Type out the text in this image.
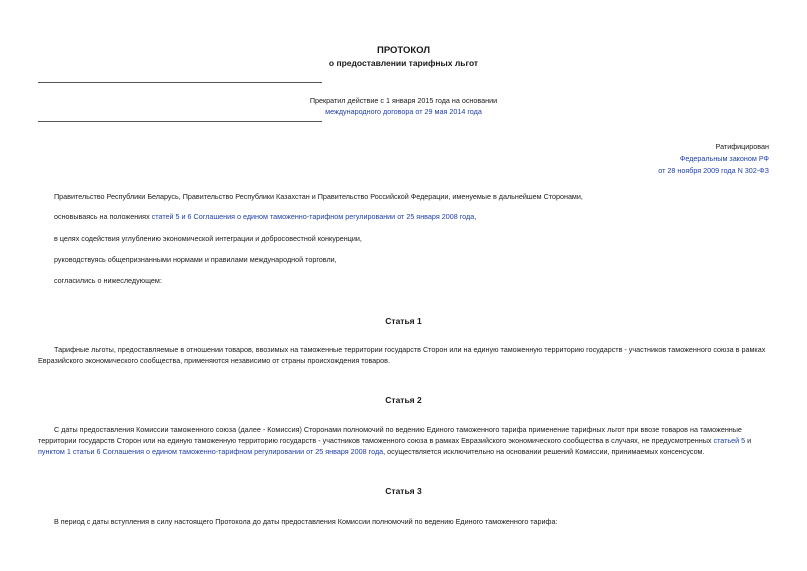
ПРОТОКОЛ
о предоставлении тарифных льгот
Прекратил действие с 1 января 2015 года на основании
международного договора от 29 мая 2014 года
Ратифицирован
Федеральным законом РФ
от 28 ноября 2009 года N 302-ФЗ
Правительство Республики Беларусь, Правительство Республики Казахстан и Правительство Российской Федерации, именуемые в дальнейшем Сторонами,
основываясь на положениях статей 5 и 6 Соглашения о едином таможенно-тарифном регулировании от 25 января 2008 года,
в целях содействия углублению экономической интеграции и добросовестной конкуренции,
руководствуясь общепризнанными нормами и правилами международной торговли,
согласились о нижеследующем:
Статья 1
Тарифные льготы, предоставляемые в отношении товаров, ввозимых на таможенные территории государств Сторон или на единую таможенную территорию государств - участников таможенного союза в рамках
Евразийского экономического сообщества, применяются независимо от страны происхождения товаров.
Статья 2
С даты предоставления Комиссии таможенного союза (далее - Комиссия) Сторонами полномочий по ведению Единого таможенного тарифа применение тарифных льгот при ввозе товаров на таможенные
территории государств Сторон или на единую таможенную территорию государств - участников таможенного союза в рамках Евразийского экономического сообщества в случаях, не предусмотренных статьей 5 и
пунктом 1 статьи 6 Соглашения о едином таможенно-тарифном регулировании от 25 января 2008 года, осуществляется исключительно на основании решений Комиссии, принимаемых консенсусом.
Статья 3
В период с даты вступления в силу настоящего Протокола до даты предоставления Комиссии полномочий по ведению Единого таможенного тарифа:
